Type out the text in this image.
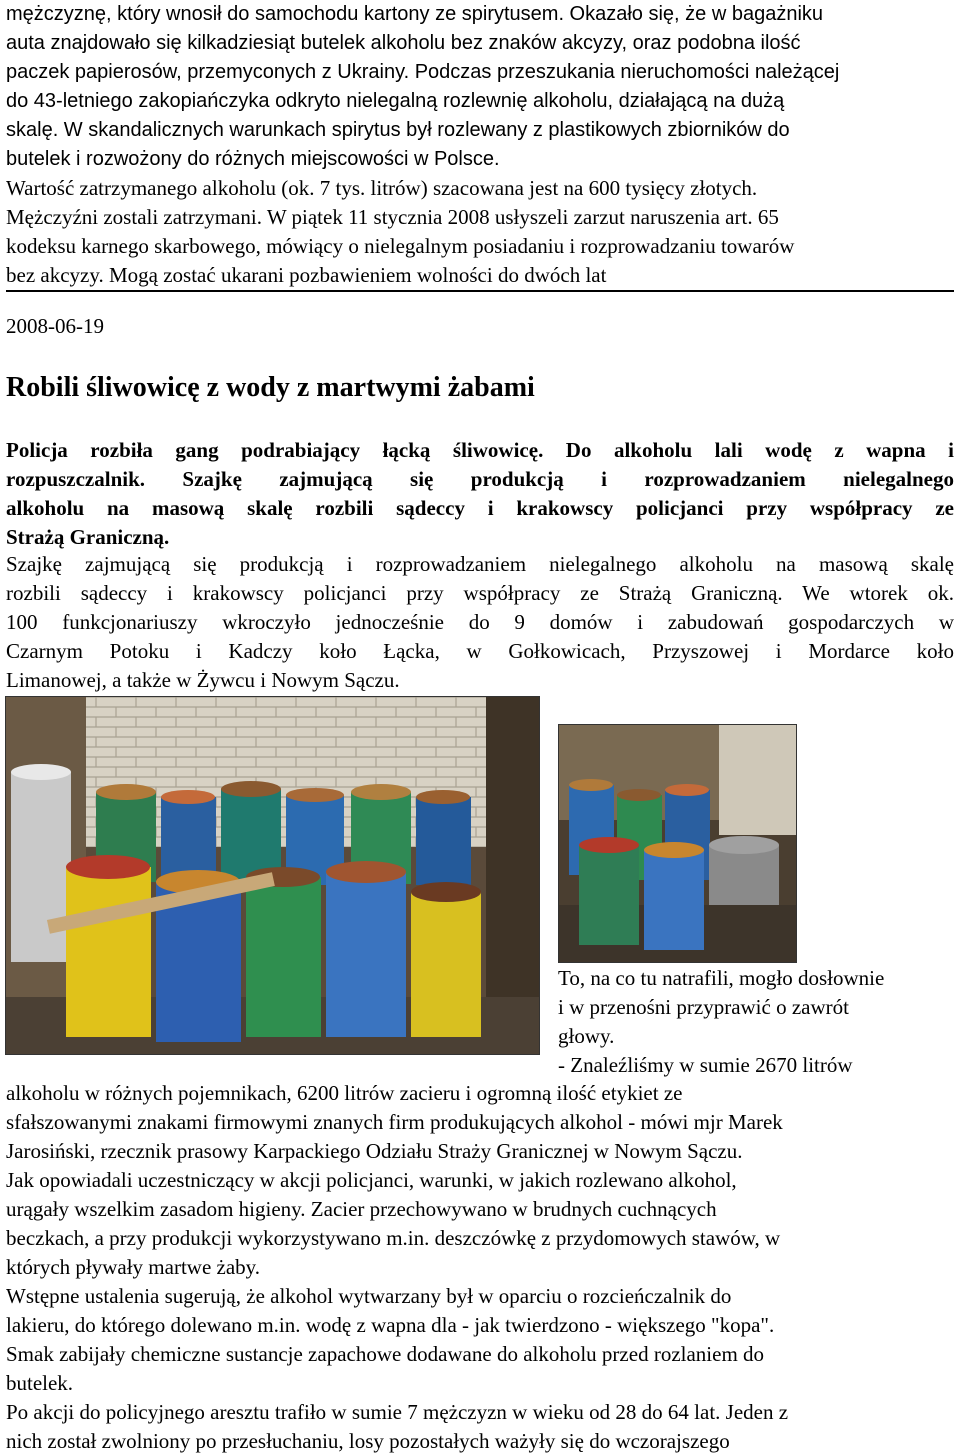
mężczyznę, który wnosił do samochodu kartony ze spirytusem. Okazało się, że w bagażniku
auta znajdowało się kilkadziesiąt butelek alkoholu bez znaków akcyzy, oraz podobna ilość
paczek papierosów, przemyconych z Ukrainy. Podczas przeszukania nieruchomości należącej
do 43-letniego zakopiańczyka odkryto nielegalną rozlewnię alkoholu, działającą na dużą
skalę. W skandalicznych warunkach spirytus był rozlewany z plastikowych zbiorników do
butelek i rozwożony do różnych miejscowości w Polsce.
Wartość zatrzymanego alkoholu (ok. 7 tys. litrów) szacowana jest na 600 tysięcy złotych.
Mężczyźni zostali zatrzymani. W piątek 11 stycznia 2008 usłyszeli zarzut naruszenia art. 65
kodeksu karnego skarbowego, mówiący o nielegalnym posiadaniu i rozprowadzaniu towarów
bez akcyzy. Mogą zostać ukarani pozbawieniem wolności do dwóch lat
2008-06-19
Robili śliwowicę z wody z martwymi żabami
Policja rozbiła gang podrabiający łącką śliwowicę. Do alkoholu lali wodę z wapna i
rozpuszczalnik. Szajkę zajmującą się produkcją i rozprowadzaniem nielegalnego
alkoholu na masową skalę rozbili sądeccy i krakowscy policjanci przy współpracy ze
Strażą Graniczną.
Szajkę zajmującą się produkcją i rozprowadzaniem nielegalnego alkoholu na masową skalę
rozbili sądeccy i krakowscy policjanci przy współpracy ze Strażą Graniczną. We wtorek ok.
100 funkcjonariuszy wkroczyło jednocześnie do 9 domów i zabudowań gospodarczych w
Czarnym Potoku i Kadczy koło Łącka, w Gołkowicach, Przyszowej i Mordarce koło
Limanowej, a także w Żywcu i Nowym Sączu.
To, na co tu natrafili, mogło dosłownie
i w przenośni przyprawić o zawrót
głowy.
- Znaleźliśmy w sumie 2670 litrów
alkoholu w różnych pojemnikach, 6200 litrów zacieru i ogromną ilość etykiet ze
sfałszowanymi znakami firmowymi znanych firm produkujących alkohol - mówi mjr Marek
Jarosiński, rzecznik prasowy Karpackiego Odziału Straży Granicznej w Nowym Sączu.
Jak opowiadali uczestniczący w akcji policjanci, warunki, w jakich rozlewano alkohol,
urągały wszelkim zasadom higieny. Zacier przechowywano w brudnych cuchnących
beczkach, a przy produkcji wykorzystywano m.in. deszczówkę z przydomowych stawów, w
których pływały martwe żaby.
Wstępne ustalenia sugerują, że alkohol wytwarzany był w oparciu o rozcieńczalnik do
lakieru, do którego dolewano m.in. wodę z wapna dla - jak twierdzono - większego "kopa".
Smak zabijały chemiczne sustancje zapachowe dodawane do alkoholu przed rozlaniem do
butelek.
Po akcji do policyjnego aresztu trafiło w sumie 7 mężczyzn w wieku od 28 do 64 lat. Jeden z
nich został zwolniony po przesłuchaniu, losy pozostałych ważyły się do wczorajszego
